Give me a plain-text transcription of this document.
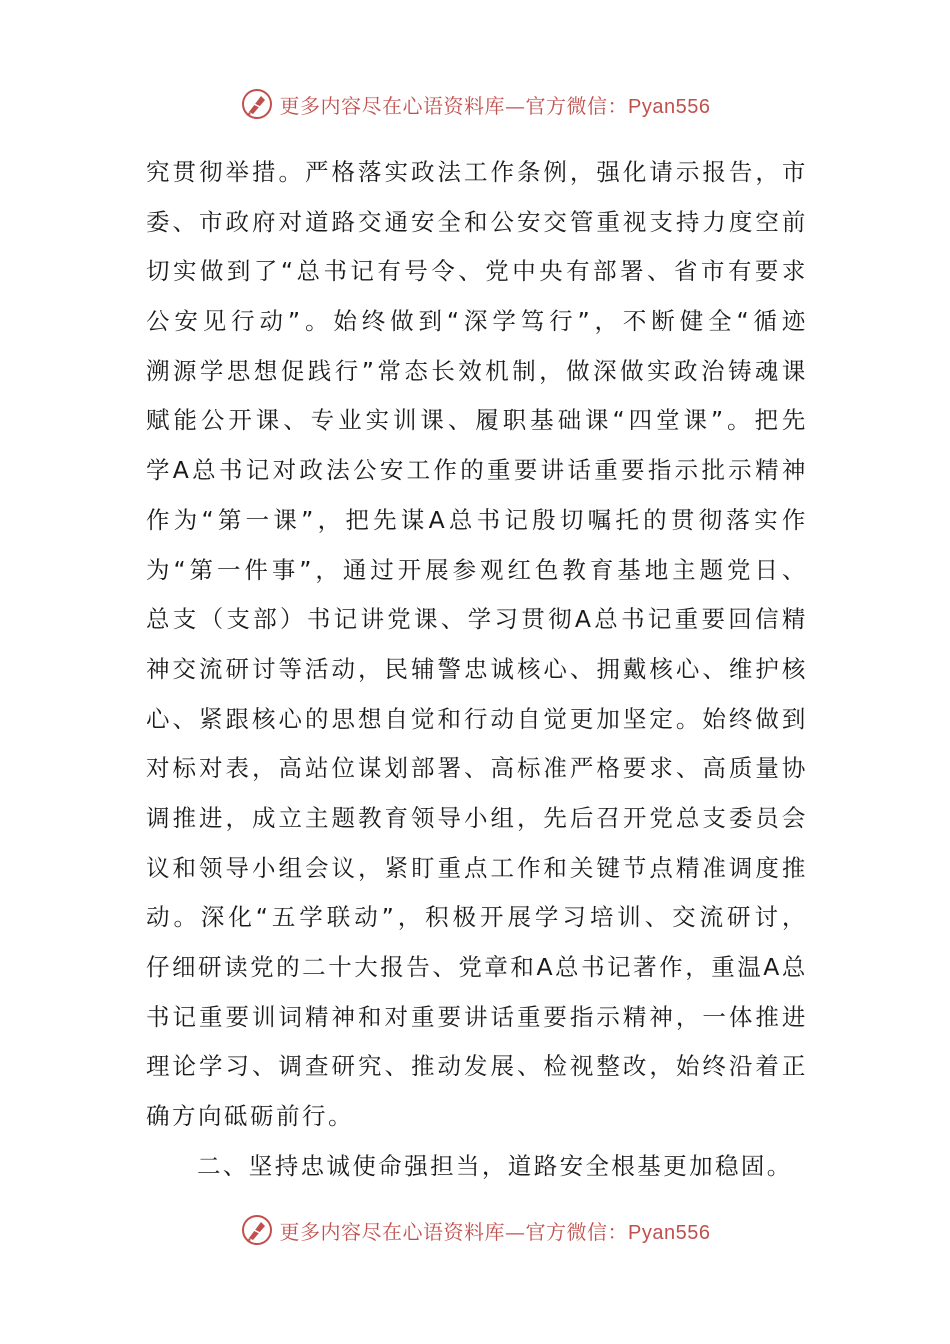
更多内容尽在心语资料库—官方微信：Pyan556
究贯彻举措。严格落实政法工作条例，强化请示报告，市
委、市政府对道路交通安全和公安交管重视支持力度空前
切实做到了“总书记有号令、党中央有部署、省市有要求
公安见行动”。始终做到“深学笃行”，不断健全“循迹
溯源学思想促践行”常态长效机制，做深做实政治铸魂课
赋能公开课、专业实训课、履职基础课“四堂课”。把先
学A总书记对政法公安工作的重要讲话重要指示批示精神
作为“第一课”，把先谋A总书记殷切嘱托的贯彻落实作
为“第一件事”，通过开展参观红色教育基地主题党日、
总支（支部）书记讲党课、学习贯彻A总书记重要回信精
神交流研讨等活动，民辅警忠诚核心、拥戴核心、维护核
心、紧跟核心的思想自觉和行动自觉更加坚定。始终做到
对标对表，高站位谋划部署、高标准严格要求、高质量协
调推进，成立主题教育领导小组，先后召开党总支委员会
议和领导小组会议，紧盯重点工作和关键节点精准调度推
动。深化“五学联动”，积极开展学习培训、交流研讨，
仔细研读党的二十大报告、党章和A总书记著作，重温A总
书记重要训词精神和对重要讲话重要指示精神，一体推进
理论学习、调查研究、推动发展、检视整改，始终沿着正
确方向砥砺前行。
二、坚持忠诚使命强担当，道路安全根基更加稳固。
更多内容尽在心语资料库—官方微信：Pyan556
